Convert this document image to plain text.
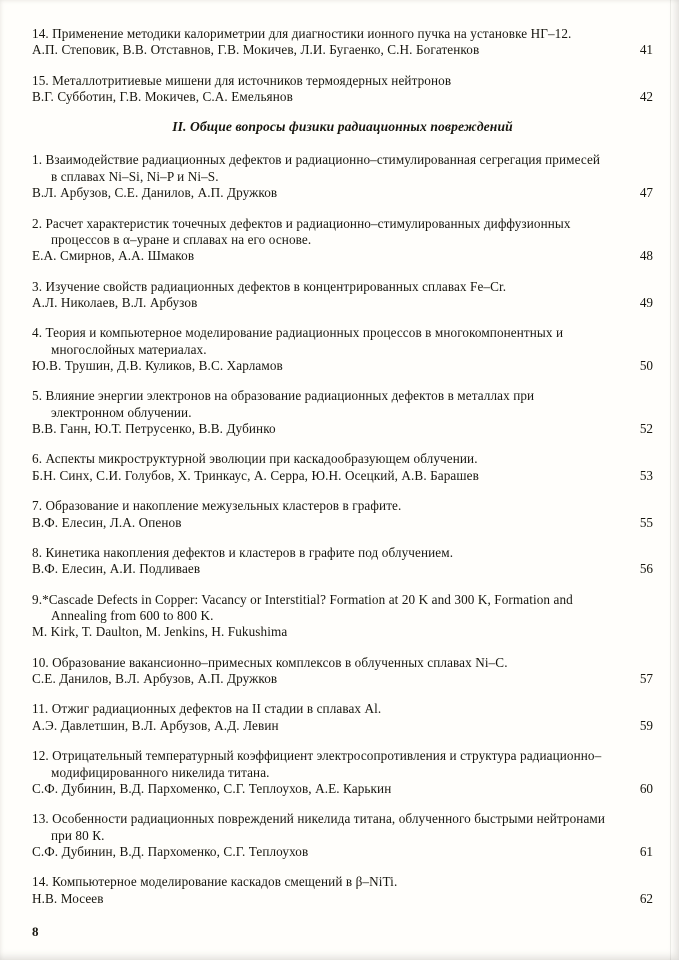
14. Применение методики калориметрии для диагностики ионного пучка на установке НГ–12.
А.П. Степовик, В.В. Отставнов, Г.В. Мокичев, Л.И. Бугаенко, С.Н. Богатенков	41
15. Металлотритиевые мишени для источников термоядерных нейтронов
В.Г. Субботин, Г.В. Мокичев, С.А. Емельянов	42
II. Общие вопросы физики радиационных повреждений
1. Взаимодействие радиационных дефектов и радиационно–стимулированная сегрегация примесей в сплавах Ni–Si, Ni–P и Ni–S.
В.Л. Арбузов, С.Е. Данилов, А.П. Дружков	47
2. Расчет характеристик точечных дефектов и радиационно–стимулированных диффузионных процессов в α–уране и сплавах на его основе.
Е.А. Смирнов, А.А. Шмаков	48
3. Изучение свойств радиационных дефектов в концентрированных сплавах Fe–Cr.
А.Л. Николаев, В.Л. Арбузов	49
4. Теория и компьютерное моделирование радиационных процессов в многокомпонентных и многослойных материалах.
Ю.В. Трушин, Д.В. Куликов, В.С. Харламов	50
5. Влияние энергии электронов на образование радиационных дефектов в металлах при электронном облучении.
В.В. Ганн, Ю.Т. Петрусенко, В.В. Дубинко	52
6. Аспекты микроструктурной эволюции при каскадообразующем облучении.
Б.Н. Синх, С.И. Голубов, Х. Тринкаус, А. Серра, Ю.Н. Осецкий, А.В. Барашев	53
7. Образование и накопление межузельных кластеров в графите.
В.Ф. Елесин, Л.А. Опенов	55
8. Кинетика накопления дефектов и кластеров в графите под облучением.
В.Ф. Елесин, А.И. Подливаев	56
9.*Cascade Defects in Copper: Vacancy or Interstitial? Formation at 20 K and 300 K, Formation and Annealing from 600 to 800 K.
M. Kirk, T. Daulton, M. Jenkins, H. Fukushima
10. Образование вакансионно–примесных комплексов в облученных сплавах Ni–C.
С.Е. Данилов, В.Л. Арбузов, А.П. Дружков	57
11. Отжиг радиационных дефектов на II стадии в сплавах Al.
А.Э. Давлетшин, В.Л. Арбузов, А.Д. Левин	59
12. Отрицательный температурный коэффициент электросопротивления и структура радиационно–модифицированного никелида титана.
С.Ф. Дубинин, В.Д. Пархоменко, С.Г. Теплоухов, А.Е. Карькин	60
13. Особенности радиационных повреждений никелида титана, облученного быстрыми нейтронами при 80 К.
С.Ф. Дубинин, В.Д. Пархоменко, С.Г. Теплоухов	61
14. Компьютерное моделирование каскадов смещений в β–NiTi.
Н.В. Мосеев	62
8
